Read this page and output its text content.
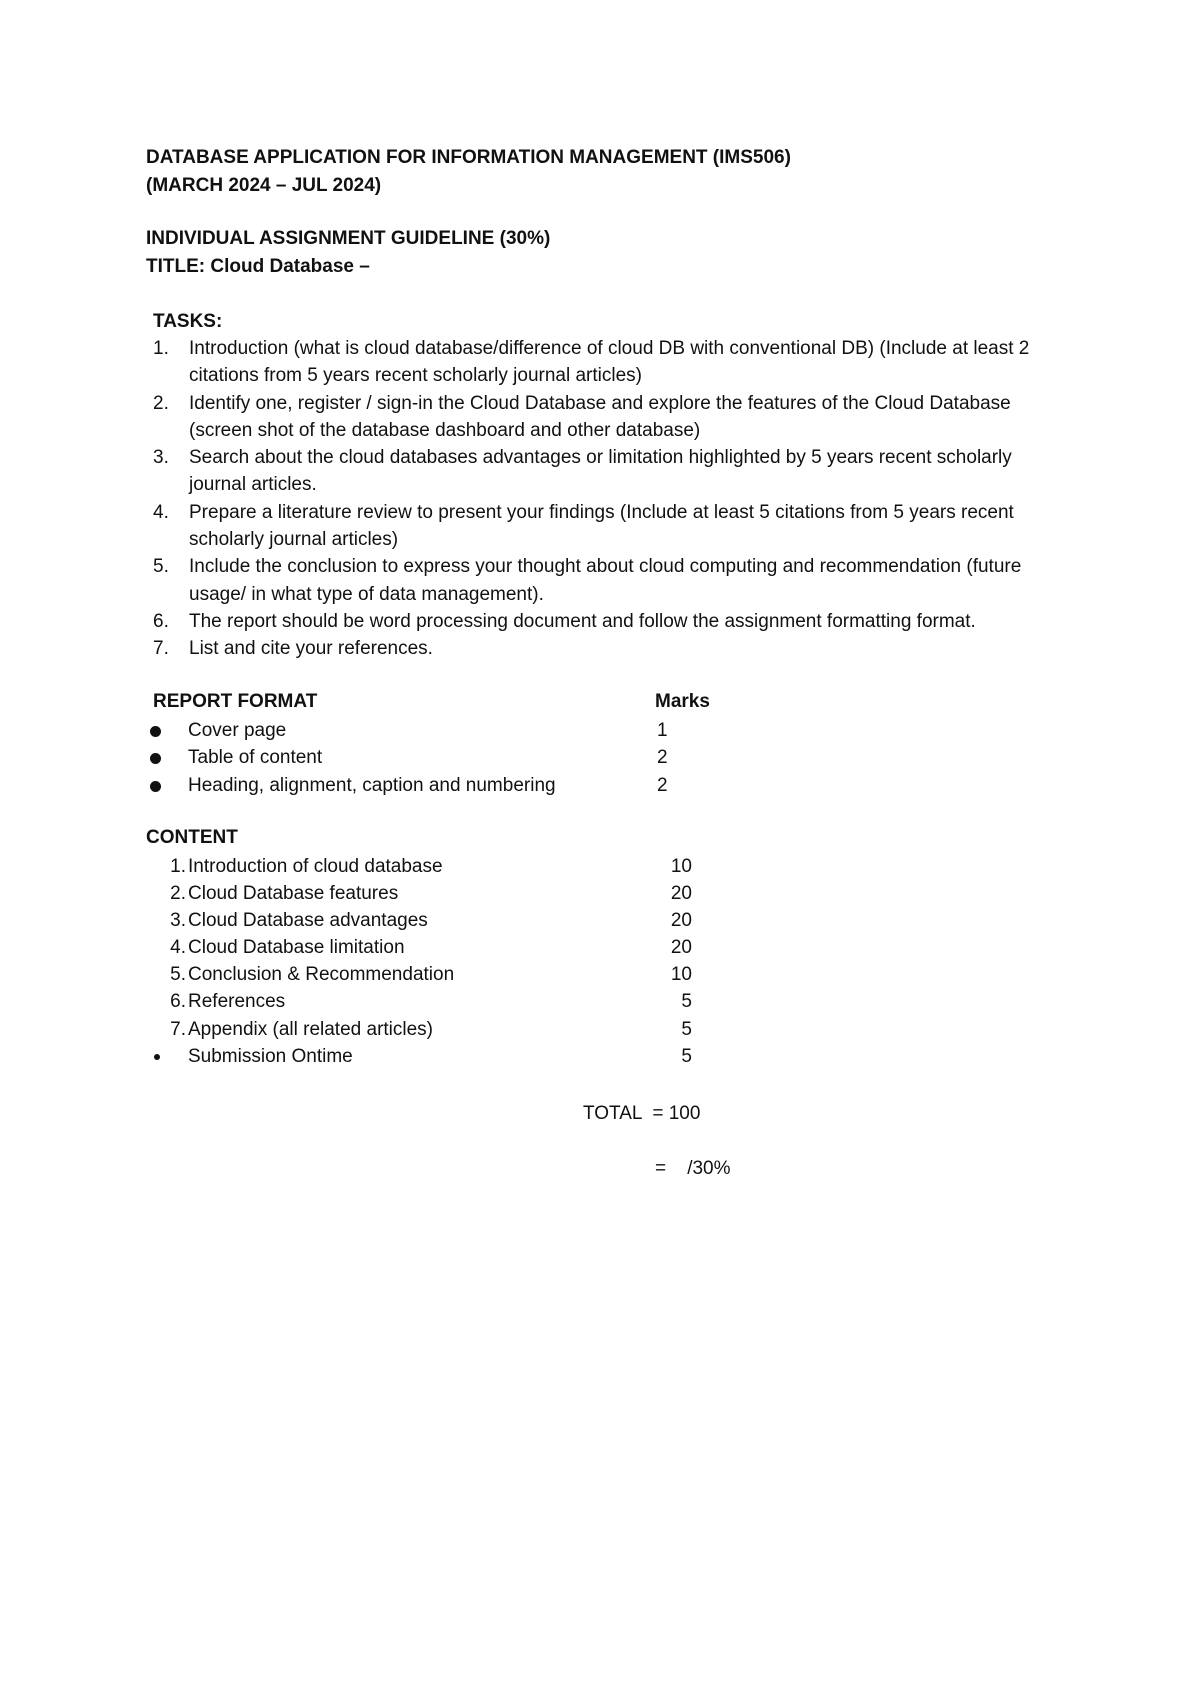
DATABASE APPLICATION FOR INFORMATION MANAGEMENT (IMS506)
(MARCH 2024 – JUL 2024)
INDIVIDUAL ASSIGNMENT GUIDELINE (30%)
TITLE: Cloud Database –
TASKS:
1.	Introduction (what is cloud database/difference of cloud DB with conventional DB) (Include at least 2 citations from 5 years recent scholarly journal articles)
2.	Identify one, register / sign-in the Cloud Database and explore the features of the Cloud Database (screen shot of the database dashboard and other database)
3.	Search about the cloud databases advantages or limitation highlighted by 5 years recent scholarly journal articles.
4.	Prepare a literature review to present your findings (Include at least 5 citations from 5 years recent scholarly journal articles)
5.	Include the conclusion to express your thought about cloud computing and recommendation (future usage/ in what type of data management).
6.	The report should be word processing document and follow the assignment formatting format.
7.	List and cite your references.
REPORT FORMAT	Marks
Cover page	1
Table of content	2
Heading, alignment, caption and numbering	2
CONTENT
1. Introduction of cloud database	10
2. Cloud Database features	20
3. Cloud Database advantages	20
4. Cloud Database limitation	20
5. Conclusion & Recommendation	10
6. References	5
7. Appendix (all related articles)	5
Submission Ontime	5
TOTAL  = 100
=    /30%
